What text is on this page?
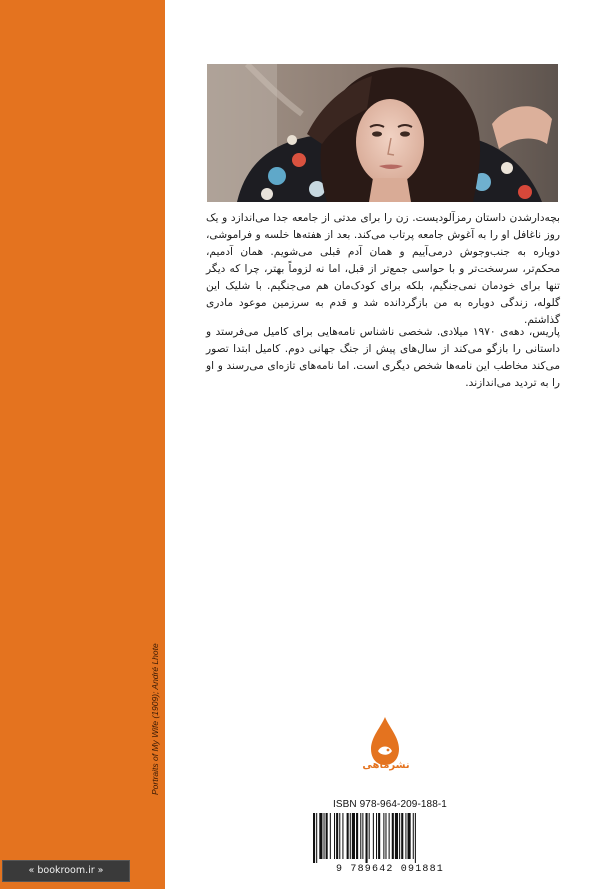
Portraits of My Wife (1909); André Lhote

بچه‌دارشدن داستان رمزآلودیست. زن را برای مدتی از جامعه جدا می‌اندازد و یک روز ناغافل او را به آغوش جامعه پرتاب می‌کند. بعد از هفته‌ها خلسه و فراموشی، دوباره به جنب‌وجوش درمی‌آییم و همان آدم قبلی می‌شویم. همان آدمیم، محکم‌تر، سرسخت‌تر و با حواسی جمع‌تر از قبل، اما نه لزوماً بهتر، چرا که دیگر تنها برای خودمان نمی‌جنگیم، بلکه برای کودک‌مان هم می‌جنگیم. با شلیک این گلوله، زندگی دوباره به من بازگردانده شد و قدم به سرزمین موعود مادری گذاشتم.

پاریس، دهه‌ی ۱۹۷۰ میلادی. شخصی ناشناس نامه‌هایی برای کامیل می‌فرستد و داستانی را بازگو می‌کند از سال‌های پیش از جنگ جهانی دوم. کامیل ابتدا تصور می‌کند مخاطب این نامه‌ها شخص دیگری است. اما نامه‌های تازه‌ای می‌رسند و او را به تردید می‌اندازند.

نشرماهی
ISBN 978-964-209-188-1
9 789642 091881
« bookroom.ir »
